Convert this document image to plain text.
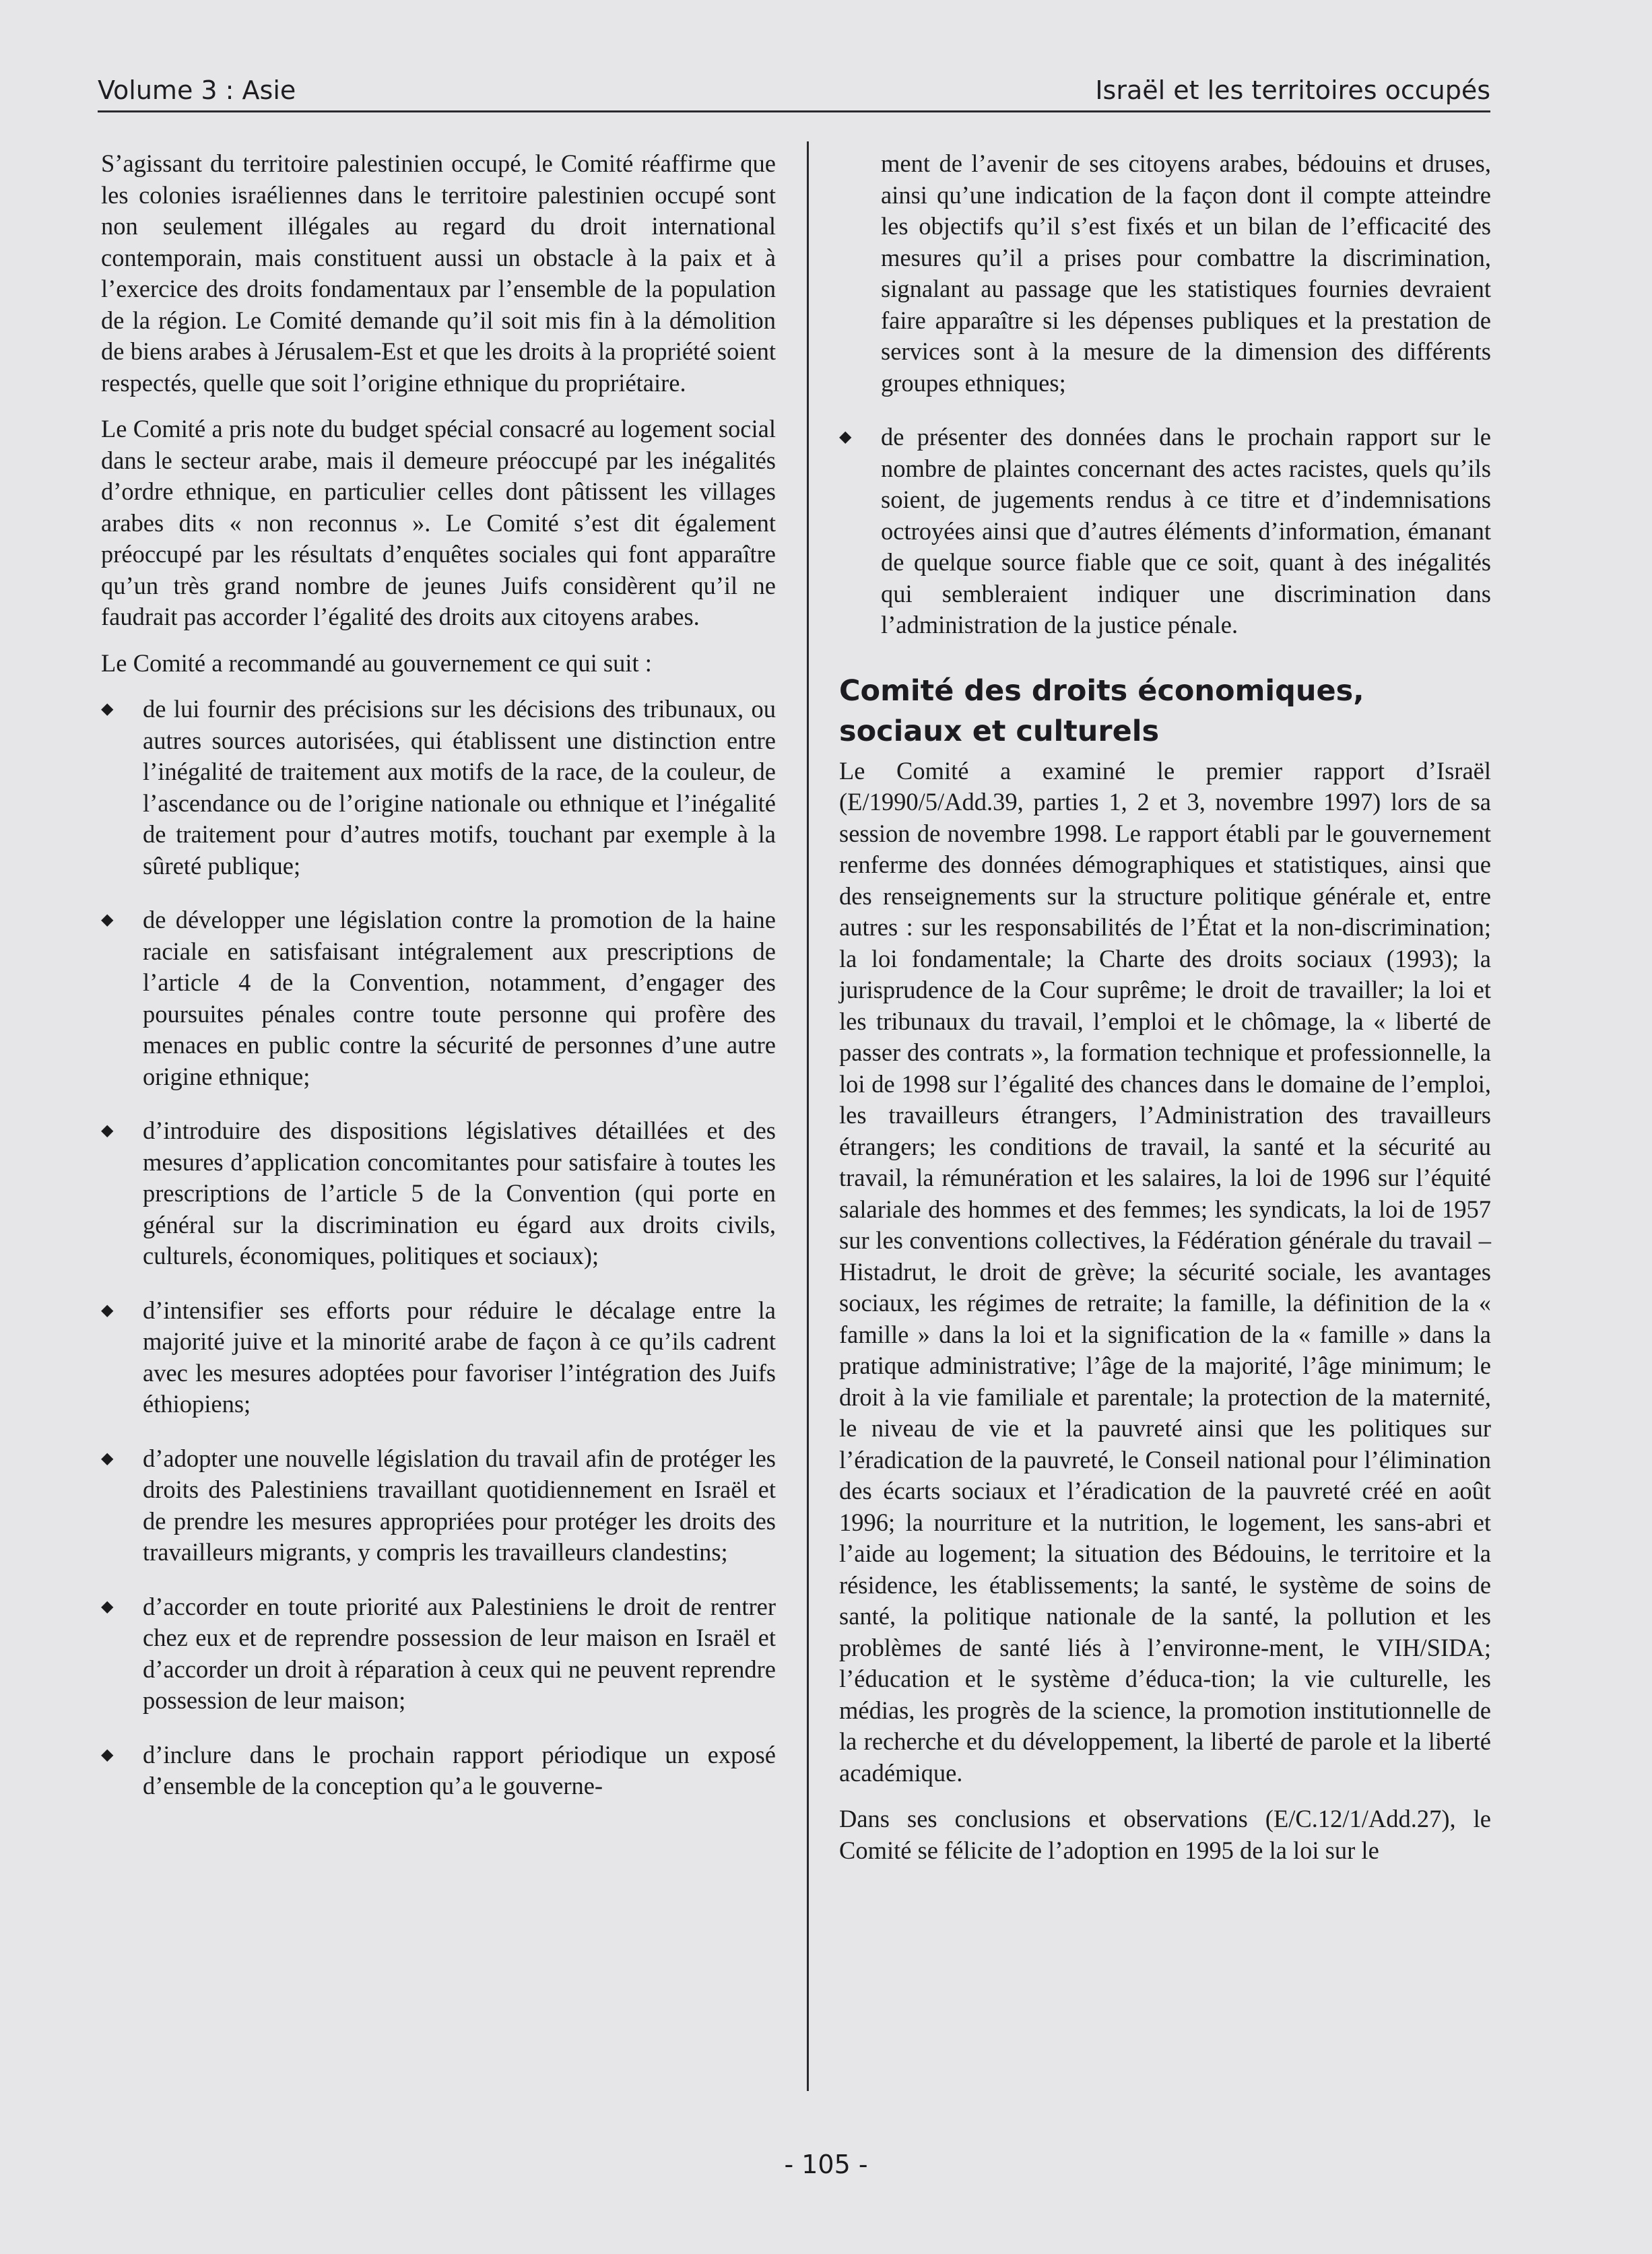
Volume 3 : Asie	Israël et les territoires occupés

S’agissant du territoire palestinien occupé, le Comité réaffirme que les colonies israéliennes dans le territoire palestinien occupé sont non seulement illégales au regard du droit international contemporain, mais constituent aussi un obstacle à la paix et à l’exercice des droits fondamentaux par l’ensemble de la population de la région. Le Comité demande qu’il soit mis fin à la démolition de biens arabes à Jérusalem-Est et que les droits à la propriété soient respectés, quelle que soit l’origine ethnique du propriétaire.

Le Comité a pris note du budget spécial consacré au logement social dans le secteur arabe, mais il demeure préoccupé par les inégalités d’ordre ethnique, en particulier celles dont pâtissent les villages arabes dits « non reconnus ». Le Comité s’est dit également préoccupé par les résultats d’enquêtes sociales qui font apparaître qu’un très grand nombre de jeunes Juifs considèrent qu’il ne faudrait pas accorder l’égalité des droits aux citoyens arabes.

Le Comité a recommandé au gouvernement ce qui suit :

◆ de lui fournir des précisions sur les décisions des tribunaux, ou autres sources autorisées, qui établissent une distinction entre l’inégalité de traitement aux motifs de la race, de la couleur, de l’ascendance ou de l’origine nationale ou ethnique et l’inégalité de traitement pour d’autres motifs, touchant par exemple à la sûreté publique;
◆ de développer une législation contre la promotion de la haine raciale en satisfaisant intégralement aux prescriptions de l’article 4 de la Convention, notamment, d’engager des poursuites pénales contre toute personne qui profère des menaces en public contre la sécurité de personnes d’une autre origine ethnique;
◆ d’introduire des dispositions législatives détaillées et des mesures d’application concomitantes pour satisfaire à toutes les prescriptions de l’article 5 de la Convention (qui porte en général sur la discrimination eu égard aux droits civils, culturels, économiques, politiques et sociaux);
◆ d’intensifier ses efforts pour réduire le décalage entre la majorité juive et la minorité arabe de façon à ce qu’ils cadrent avec les mesures adoptées pour favoriser l’intégration des Juifs éthiopiens;
◆ d’adopter une nouvelle législation du travail afin de protéger les droits des Palestiniens travaillant quotidiennement en Israël et de prendre les mesures appropriées pour protéger les droits des travailleurs migrants, y compris les travailleurs clandestins;
◆ d’accorder en toute priorité aux Palestiniens le droit de rentrer chez eux et de reprendre possession de leur maison en Israël et d’accorder un droit à réparation à ceux qui ne peuvent reprendre possession de leur maison;
◆ d’inclure dans le prochain rapport périodique un exposé d’ensemble de la conception qu’a le gouverne-
ment de l’avenir de ses citoyens arabes, bédouins et druses, ainsi qu’une indication de la façon dont il compte atteindre les objectifs qu’il s’est fixés et un bilan de l’efficacité des mesures qu’il a prises pour combattre la discrimination, signalant au passage que les statistiques fournies devraient faire apparaître si les dépenses publiques et la prestation de services sont à la mesure de la dimension des différents groupes ethniques;
◆ de présenter des données dans le prochain rapport sur le nombre de plaintes concernant des actes racistes, quels qu’ils soient, de jugements rendus à ce titre et d’indemnisations octroyées ainsi que d’autres éléments d’information, émanant de quelque source fiable que ce soit, quant à des inégalités qui sembleraient indiquer une discrimination dans l’administration de la justice pénale.
Comité des droits économiques, sociaux et culturels

Le Comité a examiné le premier rapport d’Israël (E/1990/5/Add.39, parties 1, 2 et 3, novembre 1997) lors de sa session de novembre 1998. Le rapport établi par le gouvernement renferme des données démographiques et statistiques, ainsi que des renseignements sur la structure politique générale et, entre autres : sur les responsabilités de l’État et la non-discrimination; la loi fondamentale; la Charte des droits sociaux (1993); la jurisprudence de la Cour suprême; le droit de travailler; la loi et les tribunaux du travail, l’emploi et le chômage, la « liberté de passer des contrats », la formation technique et professionnelle, la loi de 1998 sur l’égalité des chances dans le domaine de l’emploi, les travailleurs étrangers, l’Administration des travailleurs étrangers; les conditions de travail, la santé et la sécurité au travail, la rémunération et les salaires, la loi de 1996 sur l’équité salariale des hommes et des femmes; les syndicats, la loi de 1957 sur les conventions collectives, la Fédération générale du travail – Histadrut, le droit de grève; la sécurité sociale, les avantages sociaux, les régimes de retraite; la famille, la définition de la « famille » dans la loi et la signification de la « famille » dans la pratique administrative; l’âge de la majorité, l’âge minimum; le droit à la vie familiale et parentale; la protection de la maternité, le niveau de vie et la pauvreté ainsi que les politiques sur l’éradication de la pauvreté, le Conseil national pour l’élimination des écarts sociaux et l’éradication de la pauvreté créé en août 1996; la nourriture et la nutrition, le logement, les sans-abri et l’aide au logement; la situation des Bédouins, le territoire et la résidence, les établissements; la santé, le système de soins de santé, la politique nationale de la santé, la pollution et les problèmes de santé liés à l’environne-ment, le VIH/SIDA; l’éducation et le système d’éduca-tion; la vie culturelle, les médias, les progrès de la science, la promotion institutionnelle de la recherche et du développement, la liberté de parole et la liberté académique.

Dans ses conclusions et observations (E/C.12/1/Add.27), le Comité se félicite de l’adoption en 1995 de la loi sur le

- 105 -
